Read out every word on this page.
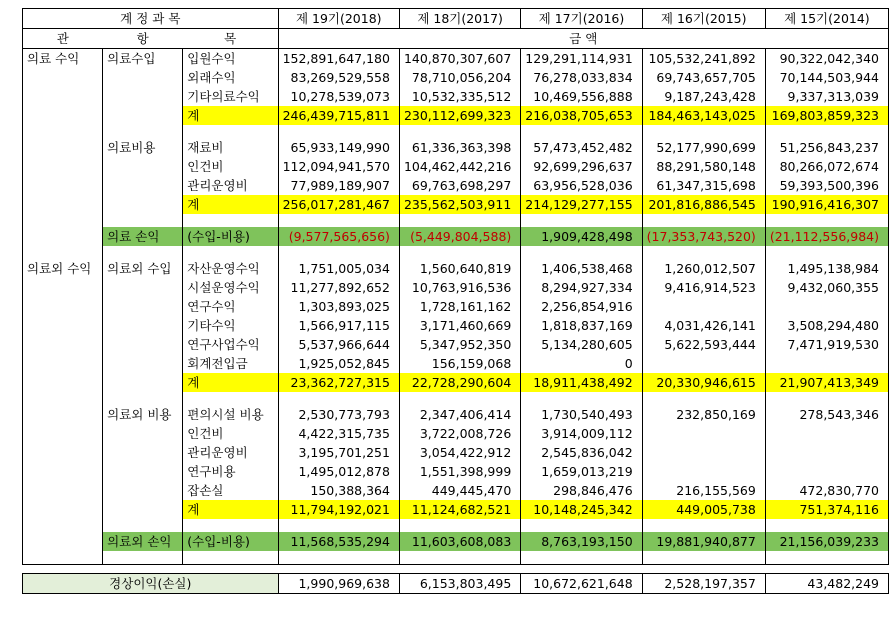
계 정 과 목			제 19기(2018)	제 18기(2017)	제 17기(2016)	제 16기(2015)	제 15기(2014)
관	항	목	금 액				
의료 수익	의료수입	입원수익	152,891,647,180	140,870,307,607	129,291,114,931	105,532,241,892	90,322,042,340
		외래수익	83,269,529,558	78,710,056,204	76,278,033,834	69,743,657,705	70,144,503,944
		기타의료수익	10,278,539,073	10,532,335,512	10,469,556,888	9,187,243,428	9,337,313,039
		계	246,439,715,811	230,112,699,323	216,038,705,653	184,463,143,025	169,803,859,323

	의료비용	재료비	65,933,149,990	61,336,363,398	57,473,452,482	52,177,990,699	51,256,843,237
		인건비	112,094,941,570	104,462,442,216	92,699,296,637	88,291,580,148	80,266,072,674
		관리운영비	77,989,189,907	69,763,698,297	63,956,528,036	61,347,315,698	59,393,500,396
		계	256,017,281,467	235,562,503,911	214,129,277,155	201,816,886,545	190,916,416,307

	의료 손익	(수입-비용)	(9,577,565,656)	(5,449,804,588)	1,909,428,498	(17,353,743,520)	(21,112,556,984)

의료외 수익	의료외 수입	자산운영수익	1,751,005,034	1,560,640,819	1,406,538,468	1,260,012,507	1,495,138,984
		시설운영수익	11,277,892,652	10,763,916,536	8,294,927,334	9,416,914,523	9,432,060,355
		연구수익	1,303,893,025	1,728,161,162	2,256,854,916		
		기타수익	1,566,917,115	3,171,460,669	1,818,837,169	4,031,426,141	3,508,294,480
		연구사업수익	5,537,966,644	5,347,952,350	5,134,280,605	5,622,593,444	7,471,919,530
		회계전입금	1,925,052,845	156,159,068	0		
		계	23,362,727,315	22,728,290,604	18,911,438,492	20,330,946,615	21,907,413,349

	의료외 비용	편의시설 비용	2,530,773,793	2,347,406,414	1,730,540,493	232,850,169	278,543,346
		인건비	4,422,315,735	3,722,008,726	3,914,009,112		
		관리운영비	3,195,701,251	3,054,422,912	2,545,836,042		
		연구비용	1,495,012,878	1,551,398,999	1,659,013,219		
		잡손실	150,388,364	449,445,470	298,846,476	216,155,569	472,830,770
		계	11,794,192,021	11,124,682,521	10,148,245,342	449,005,738	751,374,116

	의료외 손익	(수입-비용)	11,568,535,294	11,603,608,083	8,763,193,150	19,881,940,877	21,156,039,233

경상이익(손실)			1,990,969,638	6,153,803,495	10,672,621,648	2,528,197,357	43,482,249
